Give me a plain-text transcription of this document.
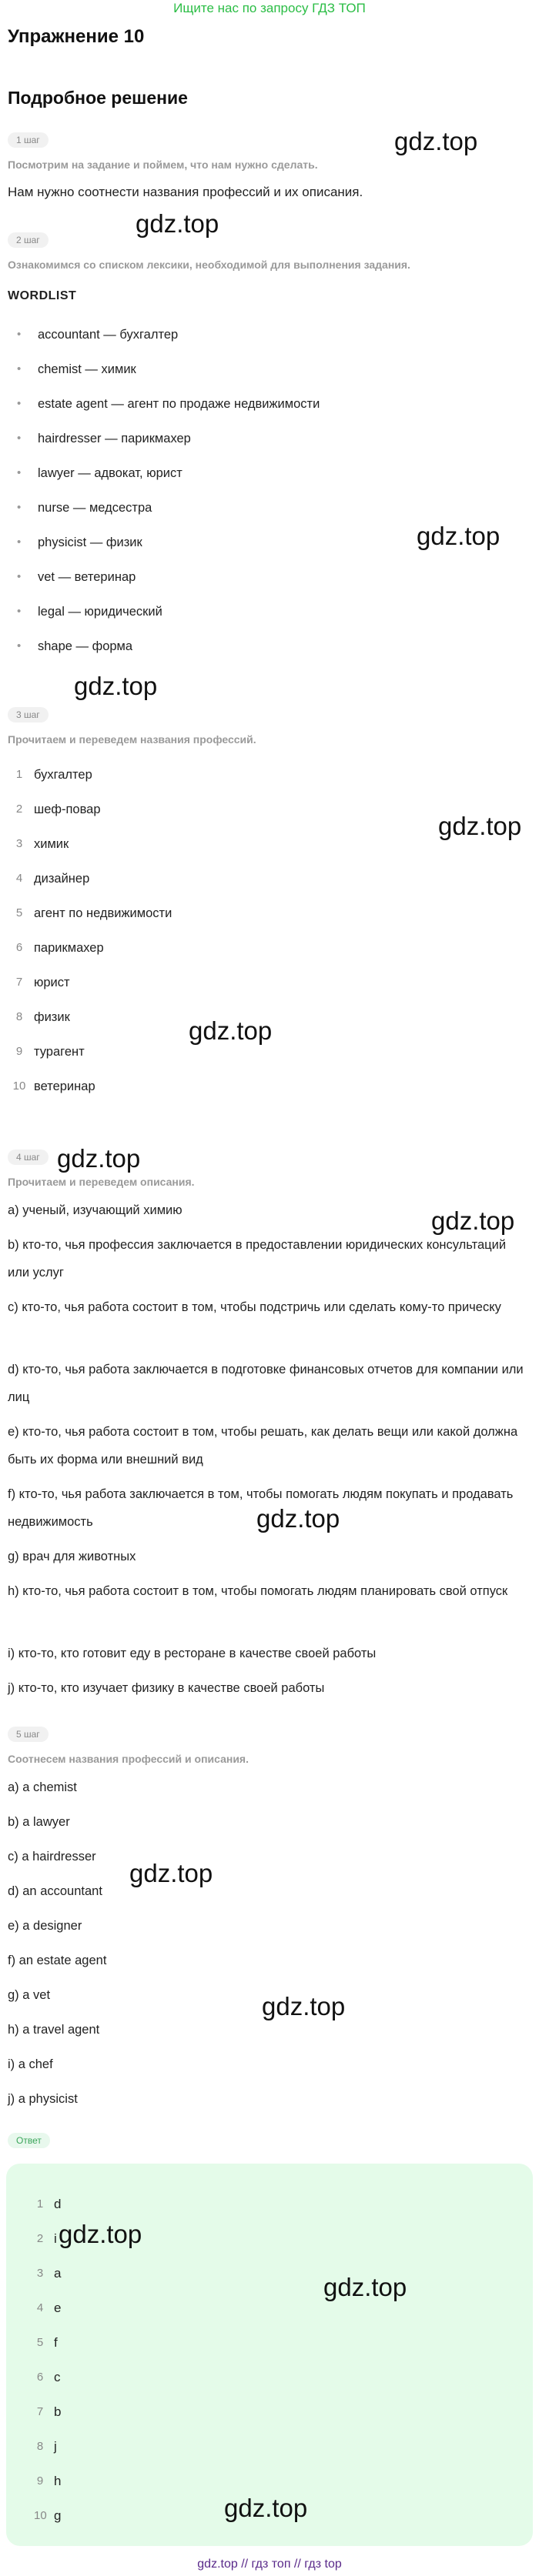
Ищите нас по запросу ГДЗ ТОП
Упражнение 10
Подробное решение
1 шаг
Посмотрим на задание и поймем, что нам нужно сделать.
Нам нужно соотнести названия профессий и их описания.
2 шаг
Ознакомимся со списком лексики, необходимой для выполнения задания.
WORDLIST
• accountant — бухгалтер
• chemist — химик
• estate agent — агент по продаже недвижимости
• hairdresser — парикмахер
• lawyer — адвокат, юрист
• nurse — медсестра
• physicist — физик
• vet — ветеринар
• legal — юридический
• shape — форма
3 шаг
Прочитаем и переведем названия профессий.
1 бухгалтер
2 шеф-повар
3 химик
4 дизайнер
5 агент по недвижимости
6 парикмахер
7 юрист
8 физик
9 турагент
10 ветеринар
4 шаг
Прочитаем и переведем описания.
a) ученый, изучающий химию
b) кто-то, чья профессия заключается в предоставлении юридических консультаций или услуг
c) кто-то, чья работа состоит в том, чтобы подстричь или сделать кому-то прическу
d) кто-то, чья работа заключается в подготовке финансовых отчетов для компании или лиц
e) кто-то, чья работа состоит в том, чтобы решать, как делать вещи или какой должна быть их форма или внешний вид
f) кто-то, чья работа заключается в том, чтобы помогать людям покупать и продавать недвижимость
g) врач для животных
h) кто-то, чья работа состоит в том, чтобы помогать людям планировать свой отпуск
i) кто-то, кто готовит еду в ресторане в качестве своей работы
j) кто-то, кто изучает физику в качестве своей работы
5 шаг
Соотнесем названия профессий и описания.
a) a chemist
b) a lawyer
c) a hairdresser
d) an accountant
e) a designer
f) an estate agent
g) a vet
h) a travel agent
i) a chef
j) a physicist
Ответ
1 d
2 i
3 a
4 e
5 f
6 c
7 b
8 j
9 h
10 g
gdz.top
gdz.top
gdz.top
gdz.top
gdz.top
gdz.top
gdz.top
gdz.top
gdz.top
gdz.top
gdz.top
gdz.top
gdz.top
gdz.top
gdz.top // гдз топ // гдз top
